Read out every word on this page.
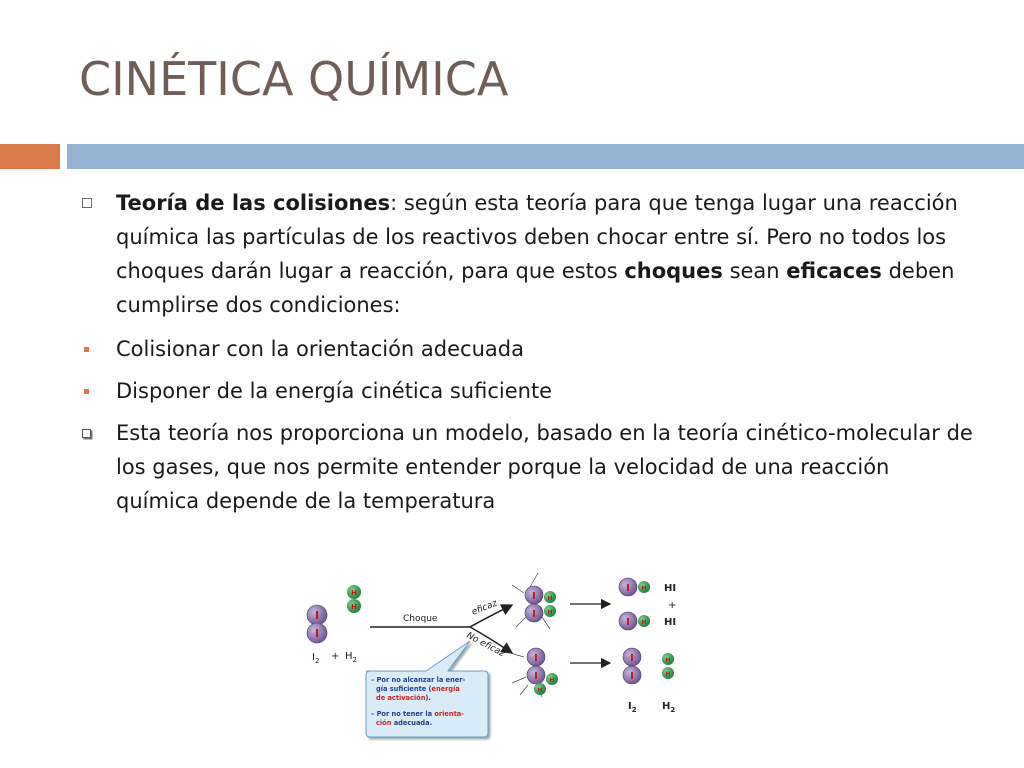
CINÉTICA QUÍMICA
Teoría de las colisiones: según esta teoría para que tenga lugar una reacción química las partículas de los reactivos deben chocar entre sí. Pero no todos los choques darán lugar a reacción, para que estos choques sean eficaces deben cumplirse dos condiciones:
Colisionar con la orientación adecuada
Disponer de la energía cinética suficiente
Esta teoría nos proporciona un modelo, basado en la teoría cinético-molecular de los gases, que nos permite entender porque la velocidad de una reacción química depende de la temperatura
I
I
H
H
$I_2 + H_2$
Choque
eficaz
No eficaz
I
I
H
H
I
I H
H
I H
I H
HI
+
HI
I
I
H
H
$I_2$	$H_2$
– Por no alcanzar la ener-
gía suficiente (energía
de activación).
– Por no tener la orienta-
ción adecuada.
